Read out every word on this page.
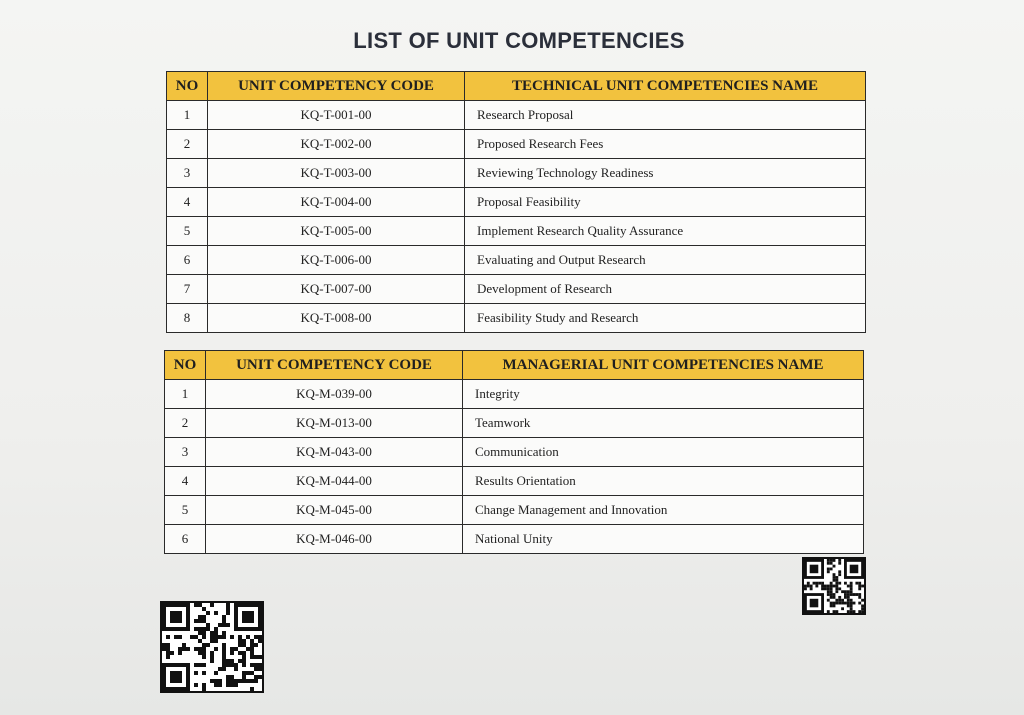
LIST OF UNIT COMPETENCIES
NO	UNIT COMPETENCY CODE	TECHNICAL UNIT COMPETENCIES NAME
1	KQ-T-001-00	Research Proposal
2	KQ-T-002-00	Proposed Research Fees
3	KQ-T-003-00	Reviewing Technology Readiness
4	KQ-T-004-00	Proposal Feasibility
5	KQ-T-005-00	Implement Research Quality Assurance
6	KQ-T-006-00	Evaluating and Output Research
7	KQ-T-007-00	Development of Research
8	KQ-T-008-00	Feasibility Study and Research
NO	UNIT COMPETENCY CODE	MANAGERIAL UNIT COMPETENCIES NAME
1	KQ-M-039-00	Integrity
2	KQ-M-013-00	Teamwork
3	KQ-M-043-00	Communication
4	KQ-M-044-00	Results Orientation
5	KQ-M-045-00	Change Management and Innovation
6	KQ-M-046-00	National Unity
